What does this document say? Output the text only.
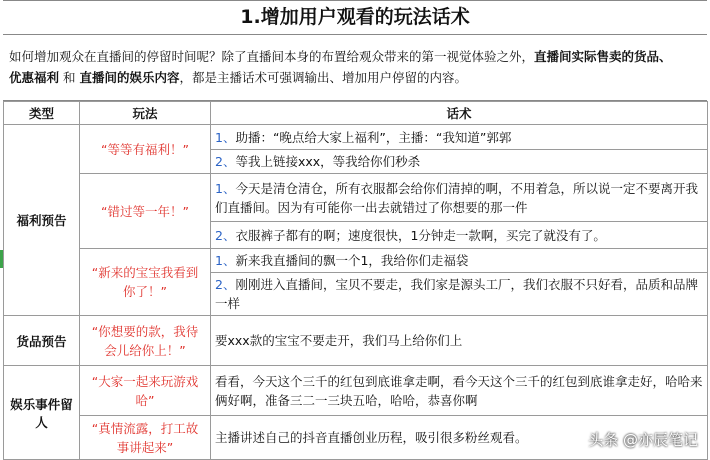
1.增加用户观看的玩法话术
如何增加观众在直播间的停留时间呢？除了直播间本身的布置给观众带来的第一视觉体验之外，直播间实际售卖的货品、
优惠福利 和 直播间的娱乐内容，都是主播话术可强调输出、增加用户停留的内容。
类型	玩法	话术
福利预告	“等等有福利！”	1、助播：“晚点给大家上福利”，主播：“我知道”郭郭
		2、等我上链接xxx，等我给你们秒杀
	“错过等一年！”	1、今天是清仓清仓，所有衣服都会给你们清掉的啊，不用着急，所以说一定不要离开我们直播间。因为有可能你一出去就错过了你想要的那一件
		2、衣服裤子都有的啊；速度很快，1分钟走一款啊，买完了就没有了。
	“新来的宝宝我看到你了！”	1、新来我直播间的飘一个1，我给你们走福袋
		2、刚刚进入直播间，宝贝不要走，我们家是源头工厂，我们衣服不只好看，品质和品牌一样
货品预告	“你想要的款，我待会儿给你上！”	要xxx款的宝宝不要走开，我们马上给你们上
娱乐事件留人	“大家一起来玩游戏哈”	看看，今天这个三千的红包到底谁拿走啊，看今天这个三千的红包到底谁拿走好，哈哈来俩好啊，准备三二一三块五哈，哈哈，恭喜你啊
	“真情流露，打工故事讲起来”	主播讲述自己的抖音直播创业历程，吸引很多粉丝观看。	头条 @亦辰笔记
